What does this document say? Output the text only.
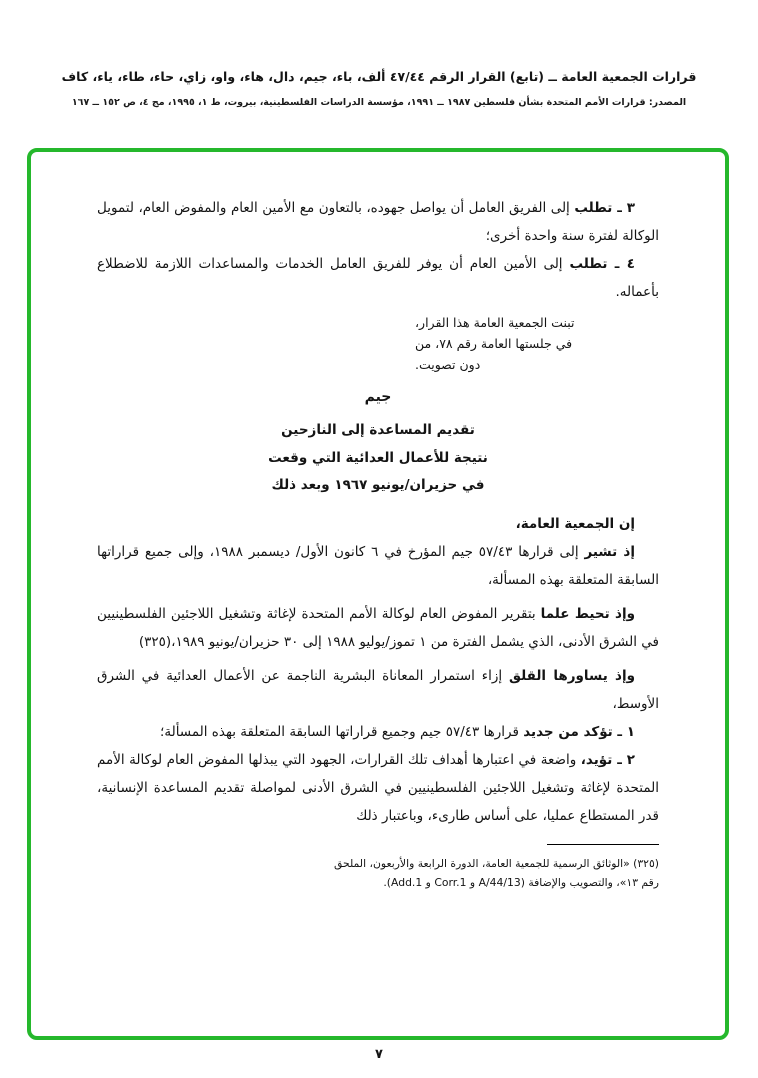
قرارات الجمعية العامة ــ (تابع) القرار الرقم ٤٧/٤٤ ألف، باء، جيم، دال، هاء، واو، زاي، حاء، طاء، ياء، كاف
المصدر: قرارات الأمم المتحدة بشأن فلسطين ١٩٨٧ ــ ١٩٩١، مؤسسة الدراسات الفلسطينية، بيروت، ط ١، ١٩٩٥، مج ٤، ص ١٥٢ ــ ١٦٧

٣ ـ تطلب إلى الفريق العامل أن يواصل جهوده، بالتعاون مع الأمين العام والمفوض العام، لتمويل الوكالة لفترة سنة واحدة أخرى؛

٤ ـ تطلب إلى الأمين العام أن يوفر للفريق العامل الخدمات والمساعدات اللازمة للاضطلاع بأعماله.

تبنت الجمعية العامة هذا القرار،
في جلستها العامة رقم ٧٨، من
دون تصويت.
جيم
تقديم المساعدة إلى النازحين
نتيجة للأعمال العدائية التي وقعت
في حزيران/يونيو ١٩٦٧ وبعد ذلك

إن الجمعية العامة،

إذ تشير إلى قرارها ٥٧/٤٣ جيم المؤرخ في ٦ كانون الأول/ ديسمبر ١٩٨٨، وإلى جميع قراراتها السابقة المتعلقة بهذه المسألة،

وإذ تحيط علما بتقرير المفوض العام لوكالة الأمم المتحدة لإغاثة وتشغيل اللاجئين الفلسطينيين في الشرق الأدنى، الذي يشمل الفترة من ١ تموز/يوليو ١٩٨٨ إلى ٣٠ حزيران/يونيو ١٩٨٩،(٣٢٥)

وإذ يساورها القلق إزاء استمرار المعاناة البشرية الناجمة عن الأعمال العدائية في الشرق الأوسط،

١ ـ تؤكد من جديد قرارها ٥٧/٤٣ جيم وجميع قراراتها السابقة المتعلقة بهذه المسألة؛

٢ ـ تؤيد، واضعة في اعتبارها أهداف تلك القرارات، الجهود التي يبذلها المفوض العام لوكالة الأمم المتحدة لإغاثة وتشغيل اللاجئين الفلسطينيين في الشرق الأدنى لمواصلة تقديم المساعدة الإنسانية، قدر المستطاع عمليا، على أساس طارىء، وباعتبار ذلك

(٣٢٥) «الوثائق الرسمية للجمعية العامة، الدورة الرابعة والأربعون، الملحق
رقم ١٣»، والتصويب والإضافة (A/44/13 و Corr.1 و Add.1).
٧
